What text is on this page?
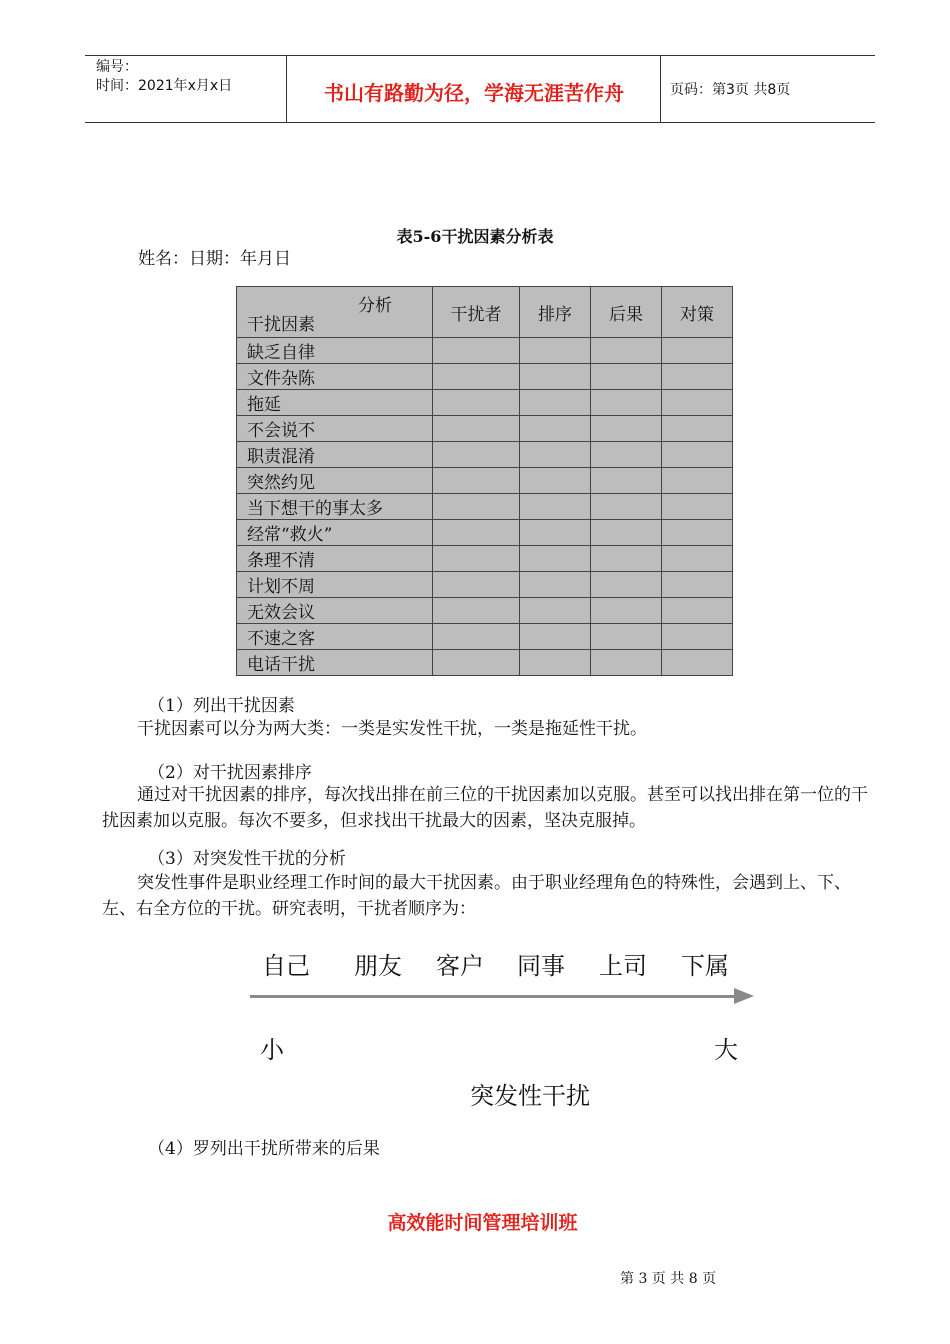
编号：
时间：2021年x月x日	书山有路勤为径，学海无涯苦作舟	页码：第3页 共8页
表5-6干扰因素分析表
姓名：日期：年月日
分析
干扰因素	干扰者	排序	后果	对策
缺乏自律				
文件杂陈				
拖延				
不会说不				
职责混淆				
突然约见				
当下想干的事太多				
经常“救火”				
条理不清				
计划不周				
无效会议				
不速之客				
电话干扰				
（1）列出干扰因素
干扰因素可以分为两大类：一类是实发性干扰，一类是拖延性干扰。
（2）对干扰因素排序
通过对干扰因素的排序，每次找出排在前三位的干扰因素加以克服。甚至可以找出排在第一位的干扰因素加以克服。每次不要多，但求找出干扰最大的因素，坚决克服掉。
（3）对突发性干扰的分析
突发性事件是职业经理工作时间的最大干扰因素。由于职业经理角色的特殊性，会遇到上、下、左、右全方位的干扰。研究表明，干扰者顺序为：
自己 朋友 客户 同事 上司 下属
小	大
突发性干扰
（4）罗列出干扰所带来的后果
高效能时间管理培训班
第 3 页 共 8 页
